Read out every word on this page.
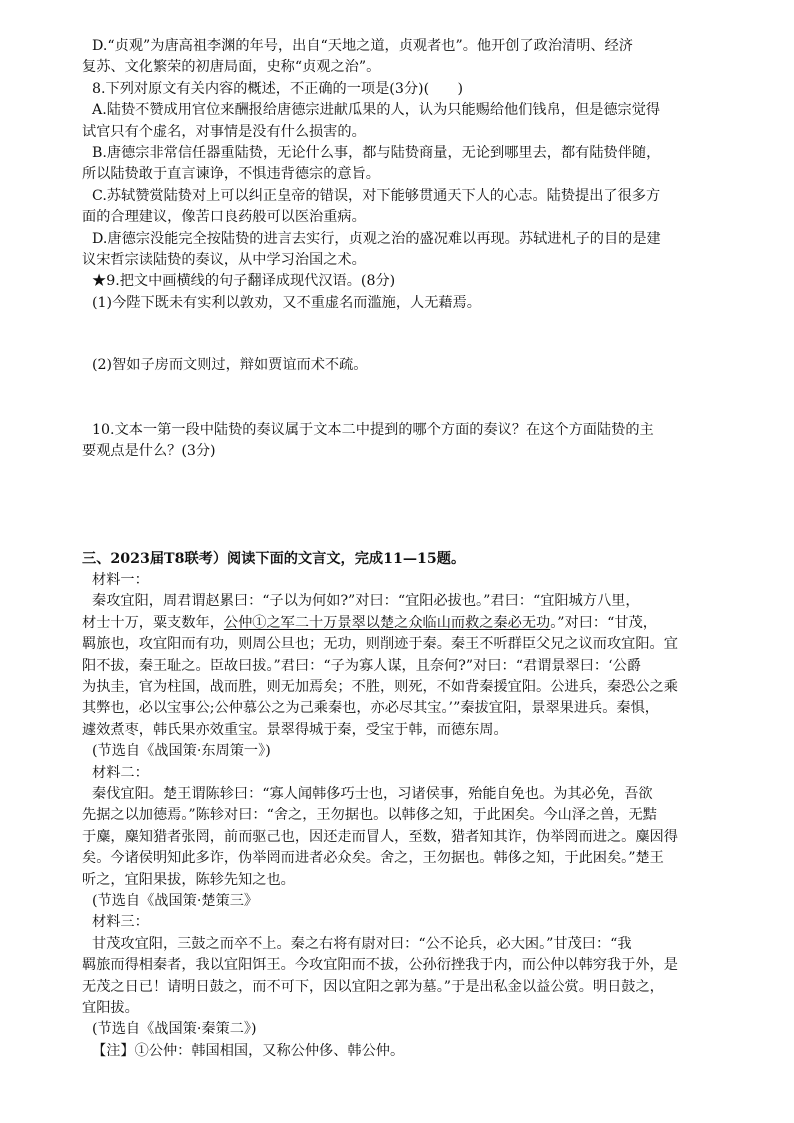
D.“贞观”为唐高祖李渊的年号，出自“天地之道，贞观者也”。他开创了政治清明、经济
复苏、文化繁荣的初唐局面，史称“贞观之治”。

8.下列对原文有关内容的概述，不正确的一项是(3分)(　　)

A.陆贽不赞成用官位来酬报给唐德宗进献瓜果的人，认为只能赐给他们钱帛，但是德宗觉得
试官只有个虚名，对事情是没有什么损害的。

B.唐德宗非常信任器重陆贽，无论什么事，都与陆贽商量，无论到哪里去，都有陆贽伴随，
所以陆贽敢于直言谏诤，不惧违背德宗的意旨。

C.苏轼赞赏陆贽对上可以纠正皇帝的错误，对下能够贯通天下人的心志。陆贽提出了很多方
面的合理建议，像苦口良药般可以医治重病。

D.唐德宗没能完全按陆贽的进言去实行，贞观之治的盛况难以再现。苏轼进札子的目的是建
议宋哲宗读陆贽的奏议，从中学习治国之术。

★9.把文中画横线的句子翻译成现代汉语。(8分)

(1)今陛下既未有实利以敦劝，又不重虚名而滥施，人无藉焉。

(2)智如子房而文则过，辩如贾谊而术不疏。

10.文本一第一段中陆贽的奏议属于文本二中提到的哪个方面的奏议？在这个方面陆贽的主
要观点是什么？(3分)

三、2023届T8联考）阅读下面的文言文，完成11—15题。

材料一：

秦攻宜阳，周君谓赵累曰：“子以为何如?”对曰：“宜阳必拔也。”君曰：“宜阳城方八里，
材士十万，粟支数年，公仲①之军二十万景翠以楚之众临山而救之秦必无功。”对曰：“甘茂，
羁旅也，攻宜阳而有功，则周公旦也；无功，则削迹于秦。秦王不听群臣父兄之议而攻宜阳。宜
阳不拔，秦王耻之。臣故曰拔。”君曰：“子为寡人谋，且奈何?”对曰：“君谓景翠曰：‘公爵
为执圭，官为柱国，战而胜，则无加焉矣；不胜，则死，不如背秦援宜阳。公进兵，秦恐公之乘
其弊也，必以宝事公;公仲慕公之为己乘秦也，亦必尽其宝。’”秦拔宜阳，景翠果进兵。秦惧，
遽效煮枣，韩氏果亦效重宝。景翠得城于秦，受宝于韩，而德东周。

(节选自《战国策·东周策一》)

材料二：

秦伐宜阳。楚王谓陈轸曰：“寡人闻韩侈巧士也，习诸侯事，殆能自免也。为其必免，吾欲
先据之以加德焉。”陈轸对曰：“舍之，王勿据也。以韩侈之知，于此困矣。今山泽之兽，无黠
于麋，麋知猎者张罔，前而驱己也，因还走而冒人，至数，猎者知其诈，伪举罔而进之。麋因得
矣。今诸侯明知此多诈，伪举罔而进者必众矣。舍之，王勿据也。韩侈之知，于此困矣。”楚王
听之，宜阳果拔，陈轸先知之也。

(节选自《战国策·楚策三》

材料三：

甘茂攻宜阳，三鼓之而卒不上。秦之右将有尉对曰：“公不论兵，必大困。”甘茂曰：“我
羁旅而得相秦者，我以宜阳饵王。今攻宜阳而不拔，公孙衍挫我于内，而公仲以韩穷我于外，是
无茂之日已！请明日鼓之，而不可下，因以宜阳之郭为墓。”于是出私金以益公赏。明日鼓之，
宜阳拔。

(节选自《战国策·秦策二》)

【注】①公仲：韩国相国，又称公仲侈、韩公仲。
